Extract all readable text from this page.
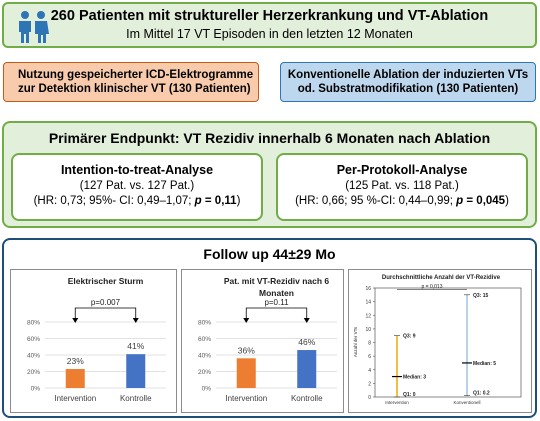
260 Patienten mit struktureller Herzerkrankung und VT-Ablation
Im Mittel 17 VT Episoden in den letzten 12 Monaten
Nutzung gespeicherter ICD-Elektrogramme
zur Detektion klinischer VT (130 Patienten)
Konventionelle Ablation der induzierten VTs
od. Substratmodifikation (130 Patienten)
Primärer Endpunkt: VT Rezidiv innerhalb 6 Monaten nach Ablation
Intention-to-treat-Analyse
(127 Pat. vs. 127 Pat.)
(HR: 0,73; 95%- CI: 0,49–1,07; p = 0,11)
Per-Protokoll-Analyse
(125 Pat. vs. 118 Pat.)
(HR: 0,66; 95 %-CI: 0,44–0,99; p = 0,045)
Follow up 44±29 Mo
Elektrischer Sturm
0%
20%
40%
60%
80%
23%
Intervention
41%
Kontrolle
p=0.007
Pat. mit VT-Rezidiv nach 6
Monaten
0%
20%
40%
60%
80%
36%
Intervention
46%
Kontrolle
p=0.11
Durchschnittliche Anzahl der VT-Rezidive
0
2
4
6
8
10
12
14
16
Anzahl der VTs	Q3: 9
Median: 3
Q1: 0
Intervention
Q3: 15
Median: 5
Q1: 0.2
Konventionell
p = 0,013
